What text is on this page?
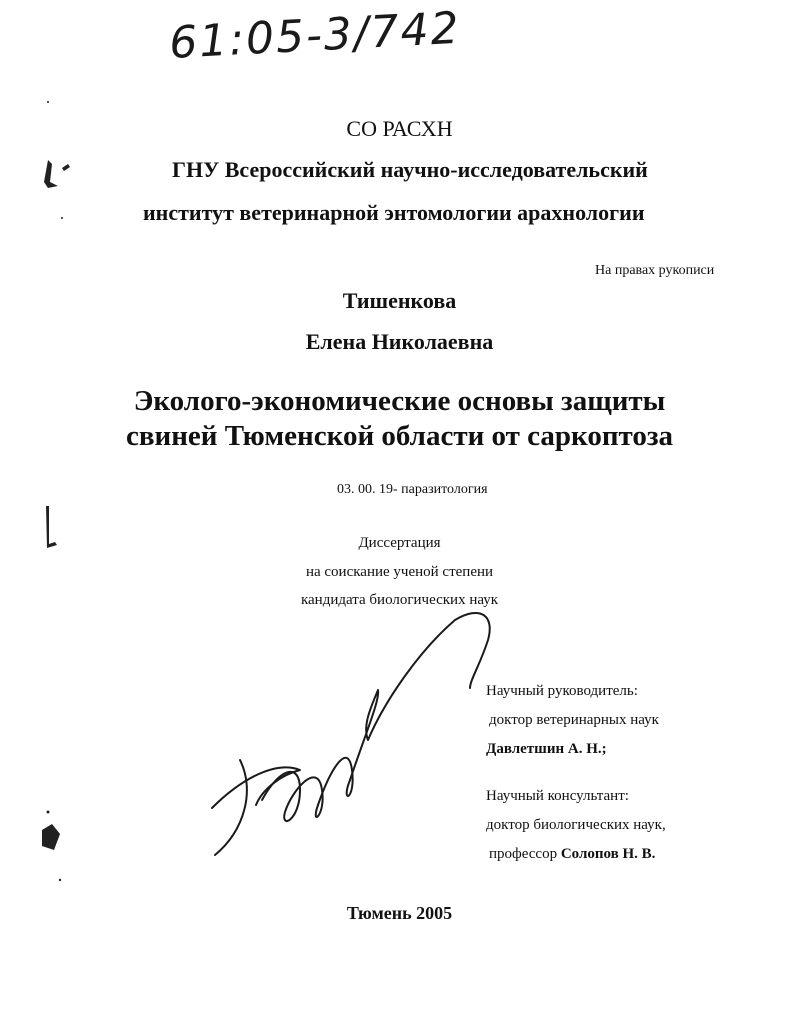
61:05-3/742
СО РАСХН
ГНУ Всероссийский научно-исследовательский
институт ветеринарной энтомологии арахнологии
На правах рукописи
Тишенкова
Елена Николаевна
Эколого-экономические основы защиты
свиней Тюменской области от саркоптоза
03. 00. 19- паразитология
Диссертация
на соискание ученой степени
кандидата биологических наук
Научный руководитель:
доктор ветеринарных наук
Давлетшин А. Н.;
Научный консультант:
доктор биологических наук,
профессор Солопов Н. В.
Тюмень 2005
